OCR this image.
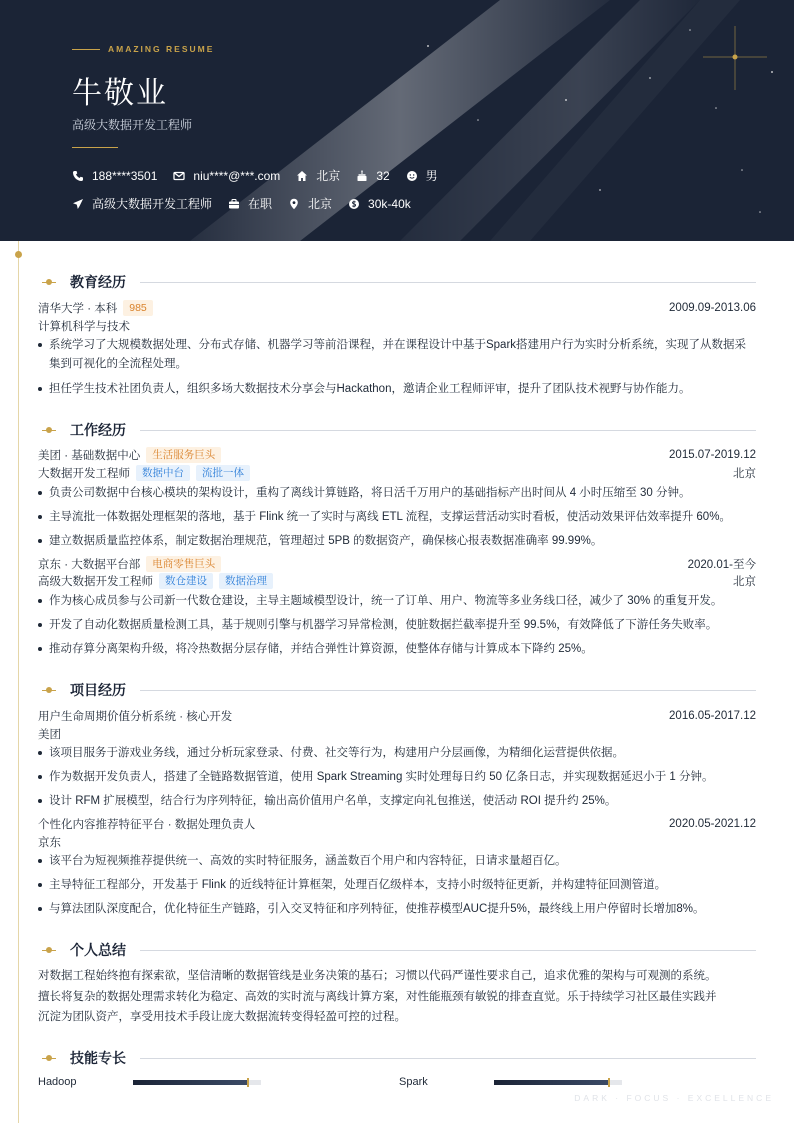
AMAZING RESUME
牛敬业
高级大数据开发工程师
188****3501	niu****@***.com	北京	32	男
高级大数据开发工程师	在职	北京	30k-40k
教育经历
清华大学 · 本科	985	2009.09-2013.06
计算机科学与技术
系统学习了大规模数据处理、分布式存储、机器学习等前沿课程，并在课程设计中基于Spark搭建用户行为实时分析系统，实现了从数据采集到可视化的全流程处理。
担任学生技术社团负责人，组织多场大数据技术分享会与Hackathon，邀请企业工程师评审，提升了团队技术视野与协作能力。
工作经历
美团 · 基础数据中心	生活服务巨头	2015.07-2019.12
大数据开发工程师	数据中台	流批一体	北京
负责公司数据中台核心模块的架构设计，重构了离线计算链路，将日活千万用户的基础指标产出时间从 4 小时压缩至 30 分钟。
主导流批一体数据处理框架的落地，基于 Flink 统一了实时与离线 ETL 流程，支撑运营活动实时看板，使活动效果评估效率提升 60%。
建立数据质量监控体系，制定数据治理规范，管理超过 5PB 的数据资产，确保核心报表数据准确率 99.99%。
京东 · 大数据平台部	电商零售巨头	2020.01-至今
高级大数据开发工程师	数仓建设	数据治理	北京
作为核心成员参与公司新一代数仓建设，主导主题域模型设计，统一了订单、用户、物流等多业务线口径，减少了 30% 的重复开发。
开发了自动化数据质量检测工具，基于规则引擎与机器学习异常检测，使脏数据拦截率提升至 99.5%，有效降低了下游任务失败率。
推动存算分离架构升级，将冷热数据分层存储，并结合弹性计算资源，使整体存储与计算成本下降约 25%。
项目经历
用户生命周期价值分析系统 · 核心开发	2016.05-2017.12
美团
该项目服务于游戏业务线，通过分析玩家登录、付费、社交等行为，构建用户分层画像，为精细化运营提供依据。
作为数据开发负责人，搭建了全链路数据管道，使用 Spark Streaming 实时处理每日约 50 亿条日志，并实现数据延迟小于 1 分钟。
设计 RFM 扩展模型，结合行为序列特征，输出高价值用户名单，支撑定向礼包推送，使活动 ROI 提升约 25%。
个性化内容推荐特征平台 · 数据处理负责人	2020.05-2021.12
京东
该平台为短视频推荐提供统一、高效的实时特征服务，涵盖数百个用户和内容特征，日请求量超百亿。
主导特征工程部分，开发基于 Flink 的近线特征计算框架，处理百亿级样本，支持小时级特征更新，并构建特征回测管道。
与算法团队深度配合，优化特征生产链路，引入交叉特征和序列特征，使推荐模型AUC提升5%，最终线上用户停留时长增加8%。
个人总结
对数据工程始终抱有探索欲，坚信清晰的数据管线是业务决策的基石；习惯以代码严谨性要求自己，追求优雅的架构与可观测的系统。
擅长将复杂的数据处理需求转化为稳定、高效的实时流与离线计算方案，对性能瓶颈有敏锐的排查直觉。乐于持续学习社区最佳实践并
沉淀为团队资产，享受用技术手段让庞大数据流转变得轻盈可控的过程。
技能专长
Hadoop	Spark
DARK · FOCUS · EXCELLENCE
